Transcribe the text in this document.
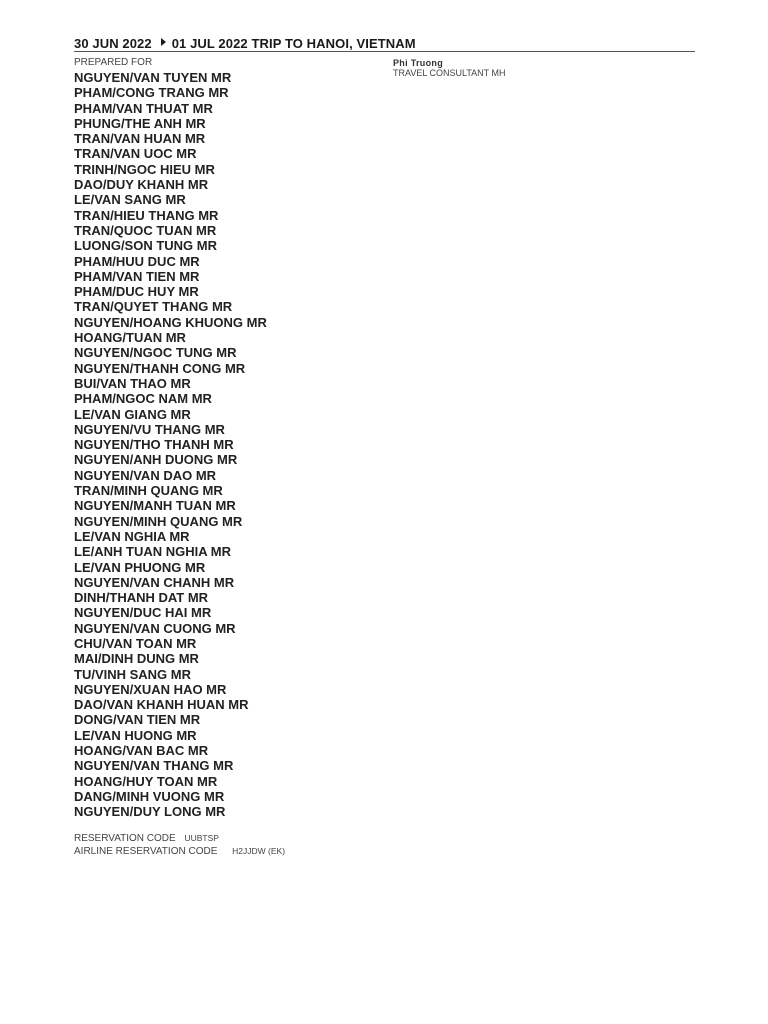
30 JUN 2022 01 JUL 2022 TRIP TO HANOI, VIETNAM
PREPARED FOR
NGUYEN/VAN TUYEN MR
PHAM/CONG TRANG MR
PHAM/VAN THUAT MR
PHUNG/THE ANH MR
TRAN/VAN HUAN MR
TRAN/VAN UOC MR
TRINH/NGOC HIEU MR
DAO/DUY KHANH MR
LE/VAN SANG MR
TRAN/HIEU THANG MR
TRAN/QUOC TUAN MR
LUONG/SON TUNG MR
PHAM/HUU DUC MR
PHAM/VAN TIEN MR
PHAM/DUC HUY MR
TRAN/QUYET THANG MR
NGUYEN/HOANG KHUONG MR
HOANG/TUAN MR
NGUYEN/NGOC TUNG MR
NGUYEN/THANH CONG MR
BUI/VAN THAO MR
PHAM/NGOC NAM MR
LE/VAN GIANG MR
NGUYEN/VU THANG MR
NGUYEN/THO THANH MR
NGUYEN/ANH DUONG MR
NGUYEN/VAN DAO MR
TRAN/MINH QUANG MR
NGUYEN/MANH TUAN MR
NGUYEN/MINH QUANG MR
LE/VAN NGHIA MR
LE/ANH TUAN NGHIA MR
LE/VAN PHUONG MR
NGUYEN/VAN CHANH MR
DINH/THANH DAT MR
NGUYEN/DUC HAI MR
NGUYEN/VAN CUONG MR
CHU/VAN TOAN MR
MAI/DINH DUNG MR
TU/VINH SANG MR
NGUYEN/XUAN HAO MR
DAO/VAN KHANH HUAN MR
DONG/VAN TIEN MR
LE/VAN HUONG MR
HOANG/VAN BAC MR
NGUYEN/VAN THANG MR
HOANG/HUY TOAN MR
DANG/MINH VUONG MR
NGUYEN/DUY LONG MR
Phi Truong
TRAVEL CONSULTANT MH
RESERVATION CODE UUBTSP
AIRLINE RESERVATION CODE H2JJDW (EK)
